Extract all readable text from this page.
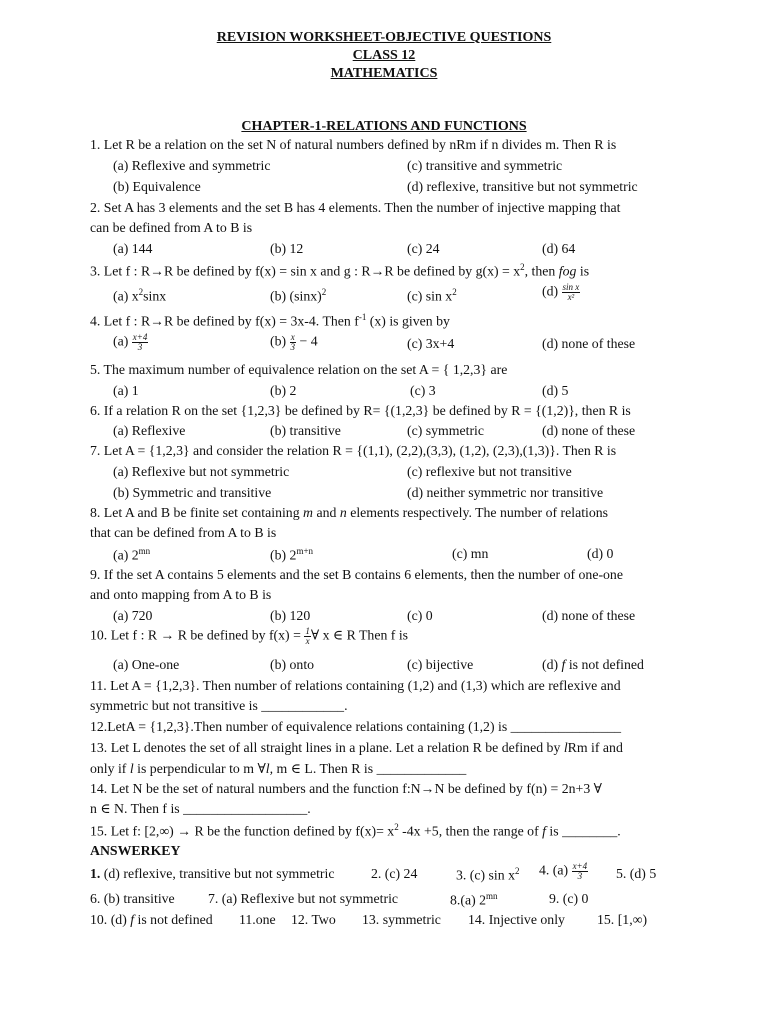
REVISION WORKSHEET-OBJECTIVE QUESTIONS
CLASS 12
MATHEMATICS
CHAPTER-1-RELATIONS AND FUNCTIONS
1. Let R be a relation on the set N of natural numbers defined by nRm if n divides m. Then R is
(a) Reflexive and symmetric	(c) transitive and symmetric
(b) Equivalence	(d) reflexive, transitive but not symmetric
2. Set A has 3 elements and the set B has 4 elements. Then the number of injective mapping that
can be defined from A to B is
(a) 144	(b) 12	(c) 24	(d) 64
3. Let f : R→R be defined by f(x) = sin x and g : R→R be defined by $g(x) = x^2$, then fog is
(a) $x^2\sin x$	(b) $(\sin x)^2$	(c) $\sin x^2$	$(d) \frac{\text{sin x}}{\text{x²}}$
4. Let f : R→R be defined by f(x) = 3x-4. Then $f^{-1}$ (x) is given by
$(a) \frac{x+4}{3}$	$(b) \frac{x}{3} - 4$	(c) 3x+4	(d) none of these
5. The maximum number of equivalence relation on the set A = { 1,2,3} are
(a) 1	(b) 2	(c) 3	(d) 5
6. If a relation R on the set {1,2,3} be defined by R= {(1,2,3} be defined by R = {(1,2)}, then R is
(a) Reflexive	(b) transitive	(c) symmetric	(d) none of these
7. Let A = {1,2,3} and consider the relation R = {(1,1), (2,2),(3,3), (1,2), (2,3),(1,3)}. Then R is
(a) Reflexive but not symmetric	(c) reflexive but not transitive
(b) Symmetric and transitive	(d) neither symmetric nor transitive
8. Let A and B be finite set containing m and n elements respectively. The number of relations
that can be defined from A to B is
(a) $2^{mn}$	(b) $2^{m+n}$	(c) mn	(d) 0
9. If the set A contains 5 elements and the set B contains 6 elements, then the number of one-one
and onto mapping from A to B is
(a) 720	(b) 120	(c) 0	(d) none of these
10. Let f : R → R be defined by $f(x) = \frac{1}{x}$ ∀ x ∈ R Then f is
(a) One-one	(b) onto	(c) bijective	(d) f is not defined
11. Let A = {1,2,3}. Then number of relations containing (1,2) and (1,3) which are reflexive and
symmetric but not transitive is ____________.
12.LetA = {1,2,3}.Then number of equivalence relations containing (1,2) is ________________
13. Let L denotes the set of all straight lines in a plane. Let a relation R be defined by lRm if and
only if l is perpendicular to m ∀l, m ∈ L. Then R is _____________
14. Let N be the set of natural numbers and the function f:N→N be defined by f(n) = 2n+3 ∀
n ∈ N. Then f is __________________.
15. Let f: [2,∞) → R be the function defined by $f(x)= x^2$ -4x +5, then the range of f is ________.
ANSWERKEY
1. (d) reflexive, transitive but not symmetric	2. (c) 24	3. (c) $\sin x^2$ 4. $(a) \frac{x+4}{3} 5$. (d) 5
6. (b) transitive 7. (a) Reflexive but not symmetric	8.(a) $2^{mn}$	9. (c) 0
10. (d) f is not defined 11.one 12. Two 13. symmetric 14. Injective only 15. [1,∞)
